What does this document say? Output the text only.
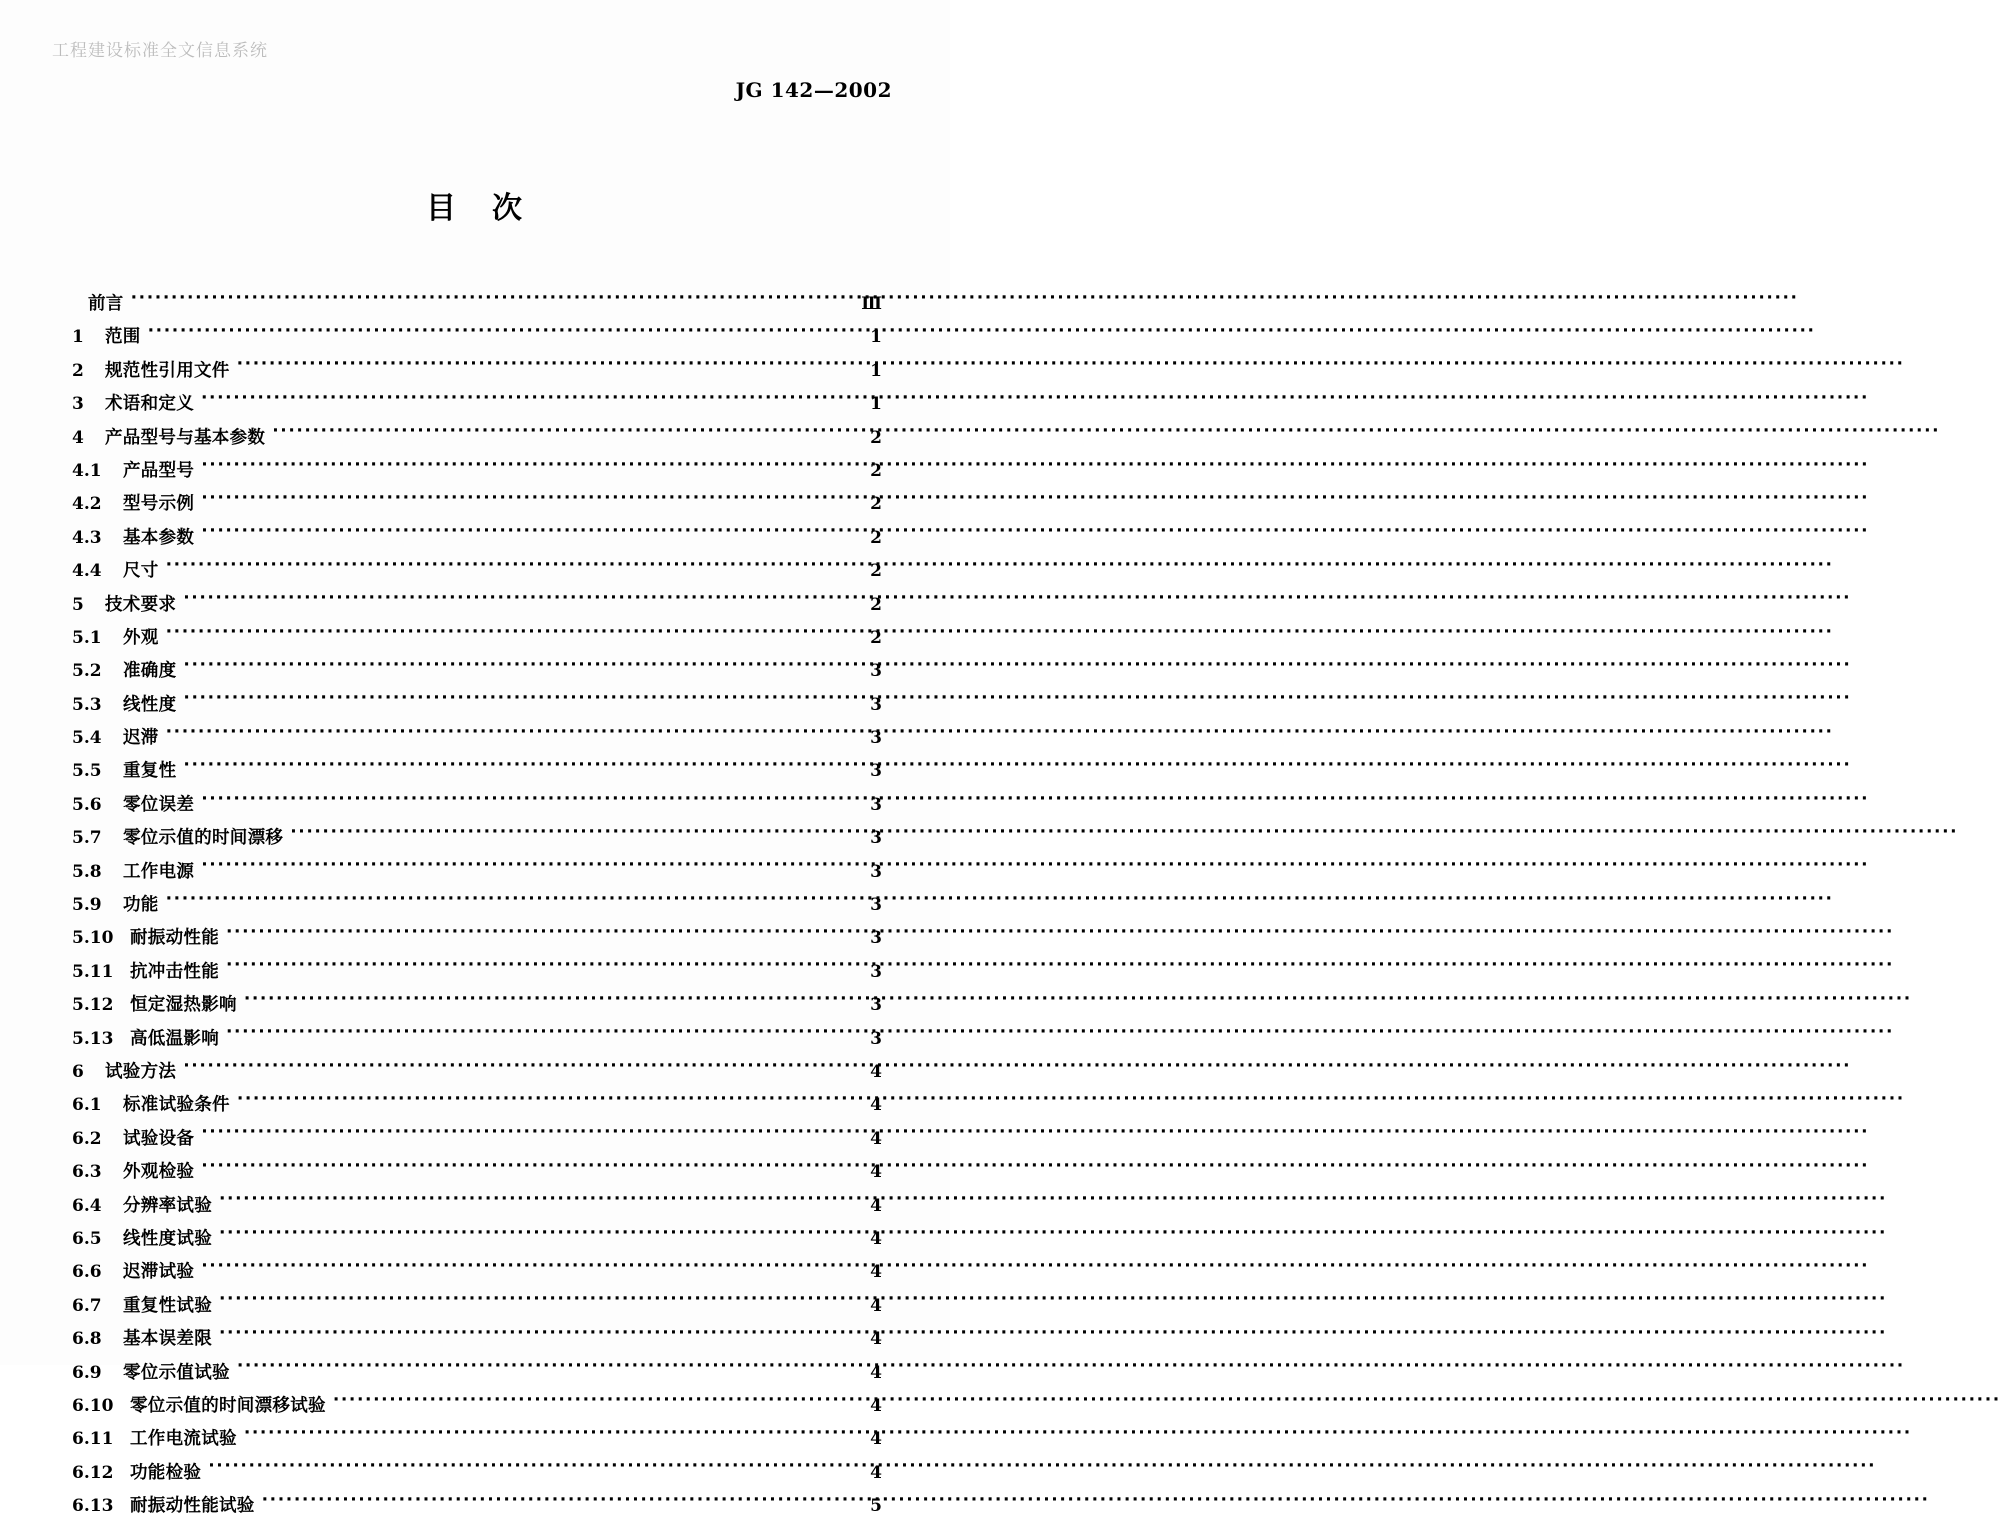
工程建设标准全文信息系统
JG 142—2002
目 次
前言 ·····	Ⅲ
1	范围 ·····	1
2	规范性引用文件 ·····	1
3	术语和定义 ·····	1
4	产品型号与基本参数 ·····	2
4.1	产品型号 ·····	2
4.2	型号示例 ·····	2
4.3	基本参数 ·····	2
4.4	尺寸 ·····	2
5	技术要求 ·····	2
5.1	外观 ·····	2
5.2	准确度 ·····	3
5.3	线性度 ·····	3
5.4	迟滞 ·····	3
5.5	重复性 ·····	3
5.6	零位误差 ·····	3
5.7	零位示值的时间漂移 ·····	3
5.8	工作电源 ·····	3
5.9	功能 ·····	3
5.10 耐振动性能 ·····	3
5.11 抗冲击性能 ·····	3
5.12 恒定湿热影响 ·····	3
5.13 高低温影响 ·····	3
6	试验方法 ·····	4
6.1	标准试验条件 ·····	4
6.2	试验设备 ·····	4
6.3	外观检验 ·····	4
6.4	分辨率试验 ·····	4
6.5	线性度试验 ·····	4
6.6	迟滞试验 ·····	4
6.7	重复性试验 ·····	4
6.8	基本误差限 ·····	4
6.9	零位示值试验 ·····	4
6.10 零位示值的时间漂移试验 ·····	4
6.11 工作电流试验 ·····	4
6.12 功能检验 ·····	4
6.13 耐振动性能试验 ·····	5
